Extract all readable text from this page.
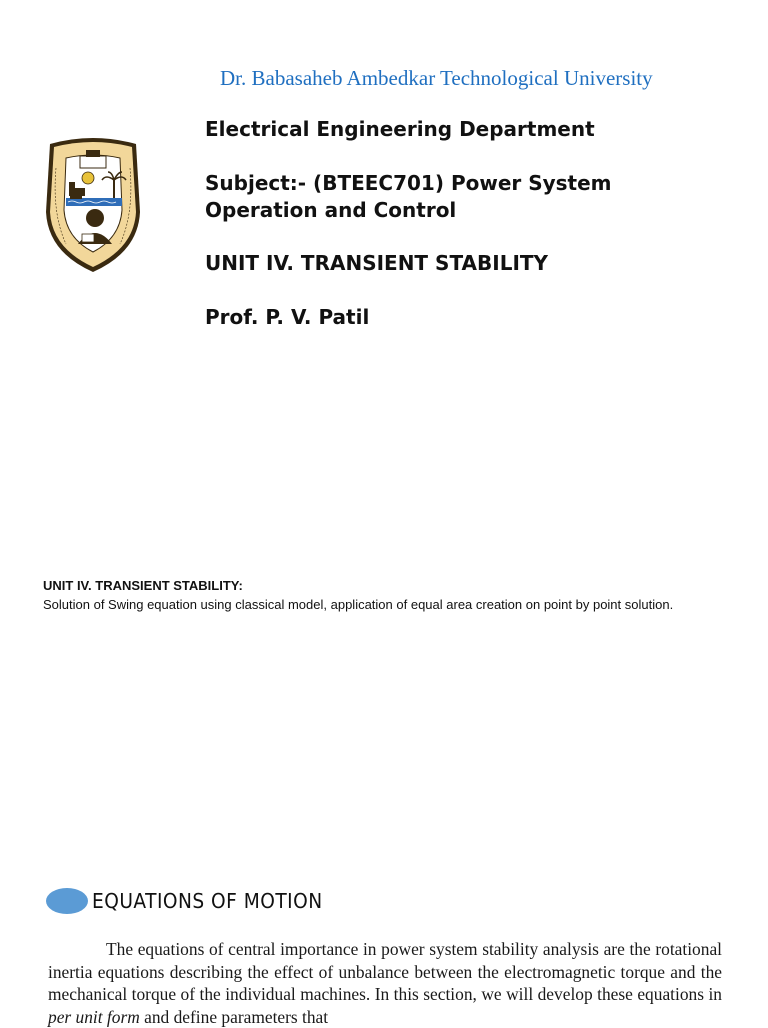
Dr. Babasaheb Ambedkar Technological University
Electrical Engineering Department
Subject:- (BTEEC701) Power System
Operation and Control
UNIT IV. TRANSIENT STABILITY
Prof. P. V. Patil
UNIT IV. TRANSIENT STABILITY:
Solution of Swing equation using classical model, application of equal area creation on point by point solution.
EQUATIONS OF MOTION
The equations of central importance in power system stability analysis are the rotational inertia equations describing the effect of unbalance between the electromagnetic torque and the mechanical torque of the individual machines. In this section, we will develop these equations in per unit form and define parameters that
